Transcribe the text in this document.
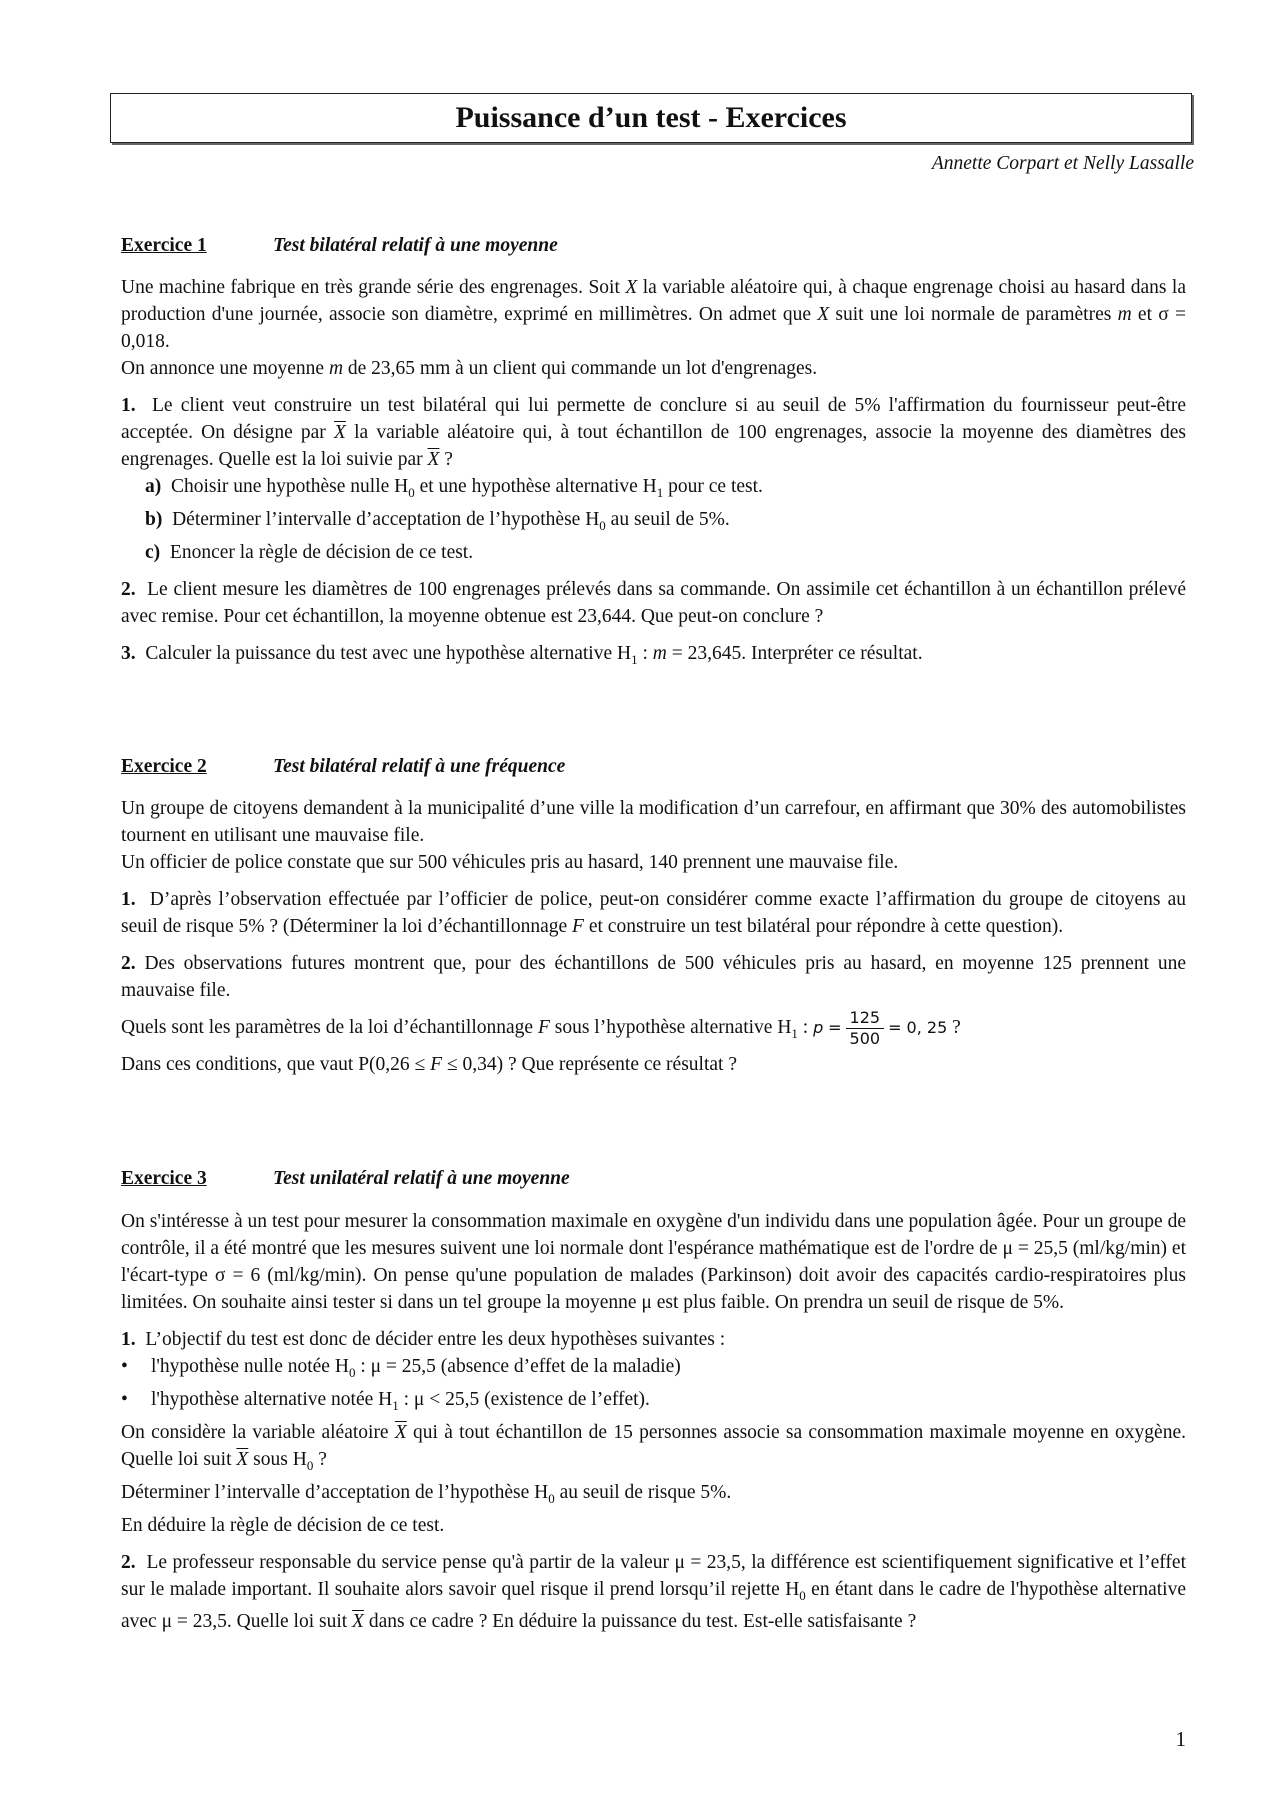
Puissance d’un test - Exercices
Annette Corpart et Nelly Lassalle
Exercice 1	Test bilatéral relatif à une moyenne

Une machine fabrique en très grande série des engrenages. Soit X la variable aléatoire qui, à chaque engrenage choisi au hasard dans la production d'une journée, associe son diamètre, exprimé en millimètres. On admet que X suit une loi normale de paramètres m et σ = 0,018.

On annonce une moyenne m de 23,65 mm à un client qui commande un lot d'engrenages.

1.  Le client veut construire un test bilatéral qui lui permette de conclure si au seuil de 5% l'affirmation du fournisseur peut-être acceptée. On désigne par $\overline{X}$ la variable aléatoire qui, à tout échantillon de 100 engrenages, associe la moyenne des diamètres des engrenages. Quelle est la loi suivie par $\overline{X}$ ?

a)  Choisir une hypothèse nulle $H_0$ et une hypothèse alternative $H_1$ pour ce test.

b)  Déterminer l’intervalle d’acceptation de l’hypothèse $H_0$ au seuil de 5%.

c)  Enoncer la règle de décision de ce test.

2. Le client mesure les diamètres de 100 engrenages prélevés dans sa commande. On assimile cet échantillon à un échantillon prélevé avec remise. Pour cet échantillon, la moyenne obtenue est 23,644. Que peut-on conclure ?

3.  Calculer la puissance du test avec une hypothèse alternative $H_1$ : m = 23,645. Interpréter ce résultat.

Exercice 2	Test bilatéral relatif à une fréquence

Un groupe de citoyens demandent à la municipalité d’une ville la modification d’un carrefour, en affirmant que 30% des automobilistes tournent en utilisant une mauvaise file.

Un officier de police constate que sur 500 véhicules pris au hasard, 140 prennent une mauvaise file.

1.  D’après l’observation effectuée par l’officier de police, peut-on considérer comme exacte l’affirmation du groupe de citoyens au seuil de risque 5% ? (Déterminer la loi d’échantillonnage F et construire un test bilatéral pour répondre à cette question).

2. Des observations futures montrent que, pour des échantillons de 500 véhicules pris au hasard, en moyenne 125 prennent une mauvaise file.

Quels sont les paramètres de la loi d’échantillonnage F sous l’hypothèse alternative $H_1$ : $p = \frac{125}{500} = 0$, 25 ?

Dans ces conditions, que vaut P(0,26 ≤ F ≤ 0,34) ? Que représente ce résultat ?

Exercice 3	Test unilatéral relatif à une moyenne

On s'intéresse à un test pour mesurer la consommation maximale en oxygène d'un individu dans une population âgée. Pour un groupe de contrôle, il a été montré que les mesures suivent une loi normale dont l'espérance mathématique est de l'ordre de μ = 25,5 (ml/kg/min) et l'écart-type σ = 6 (ml/kg/min). On pense qu'une population de malades (Parkinson) doit avoir des capacités cardio-respiratoires plus limitées. On souhaite ainsi tester si dans un tel groupe la moyenne μ est plus faible. On prendra un seuil de risque de 5%.

1. L’objectif du test est donc de décider entre les deux hypothèses suivantes :

• l'hypothèse nulle notée $H_0$ : μ = 25,5 (absence d’effet de la maladie)

• l'hypothèse alternative notée $H_1$ : μ < 25,5 (existence de l’effet).

On considère la variable aléatoire $\overline{X}$ qui à tout échantillon de 15 personnes associe sa consommation maximale moyenne en oxygène. Quelle loi suit $\overline{X}$ sous $H_0$ ?

Déterminer l’intervalle d’acceptation de l’hypothèse $H_0$ au seuil de risque 5%.

En déduire la règle de décision de ce test.

2.  Le professeur responsable du service pense qu'à partir de la valeur μ = 23,5, la différence est scientifiquement significative et l’effet sur le malade important. Il souhaite alors savoir quel risque il prend lorsqu’il rejette $H_0$ en étant dans le cadre de l'hypothèse alternative avec μ = 23,5. Quelle loi suit $\overline{X}$ dans ce cadre ? En déduire la puissance du test. Est-elle satisfaisante ?

1
